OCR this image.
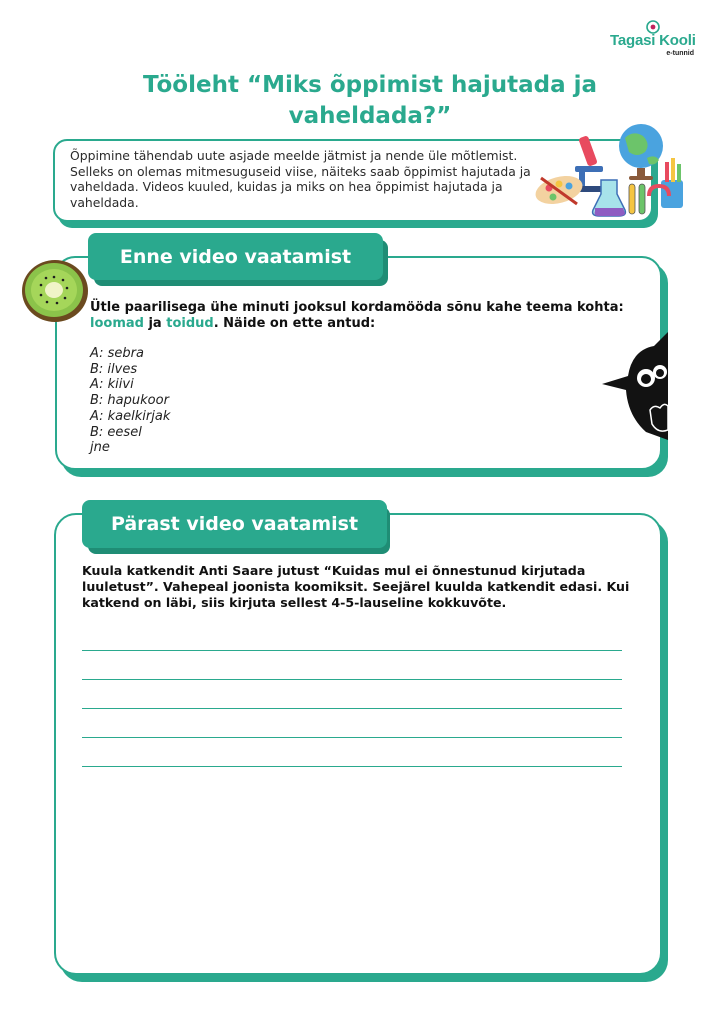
Tagasi Kooli
e-tunnid
Tööleht “Miks õppimist hajutada ja vaheldada?”

Õppimine tähendab uute asjade meelde jätmist ja nende üle mõtlemist. Selleks on olemas mitmesuguseid viise, näiteks saab õppimist hajutada ja vaheldada. Videos kuuled, kuidas ja miks on hea õppimist hajutada ja vaheldada.

Enne video vaatamist

Ütle paarilisega ühe minuti jooksul kordamööda sõnu kahe teema kohta: loomad ja toidud. Näide on ette antud:

A: sebra
B: ilves
A: kiivi
B: hapukoor
A: kaelkirjak
B: eesel
jne
Pärast video vaatamist

Kuula katkendit Anti Saare jutust “Kuidas mul ei õnnestunud kirjutada luuletust”. Vahepeal joonista koomiksit. Seejärel kuulda katkendit edasi. Kui katkend on läbi, siis kirjuta sellest 4-5-lauseline kokkuvõte.
